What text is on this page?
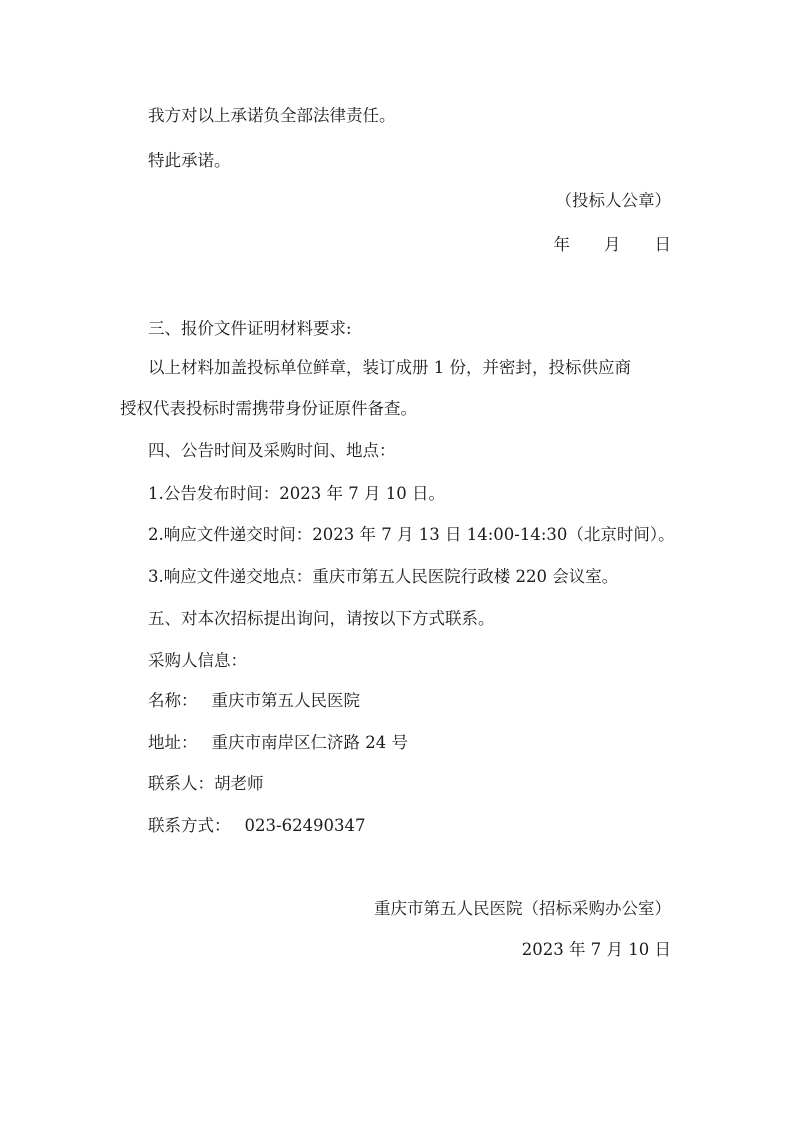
我方对以上承诺负全部法律责任。

特此承诺。

（投标人公章）

年 月 日

三、报价文件证明材料要求:

以上材料加盖投标单位鲜章，装订成册 1 份，并密封，投标供应商

授权代表投标时需携带身份证原件备查。

四、公告时间及采购时间、地点：

1.公告发布时间：2023 年 7 月 10 日。

2.响应文件递交时间：2023 年 7 月 13 日 14:00-14:30（北京时间）。

3.响应文件递交地点：重庆市第五人民医院行政楼 220 会议室。

五、对本次招标提出询问，请按以下方式联系。

采购人信息：

名称： 重庆市第五人民医院

地址： 重庆市南岸区仁济路 24 号

联系人：胡老师

联系方式： 023-62490347

重庆市第五人民医院（招标采购办公室）

2023 年 7 月 10 日
